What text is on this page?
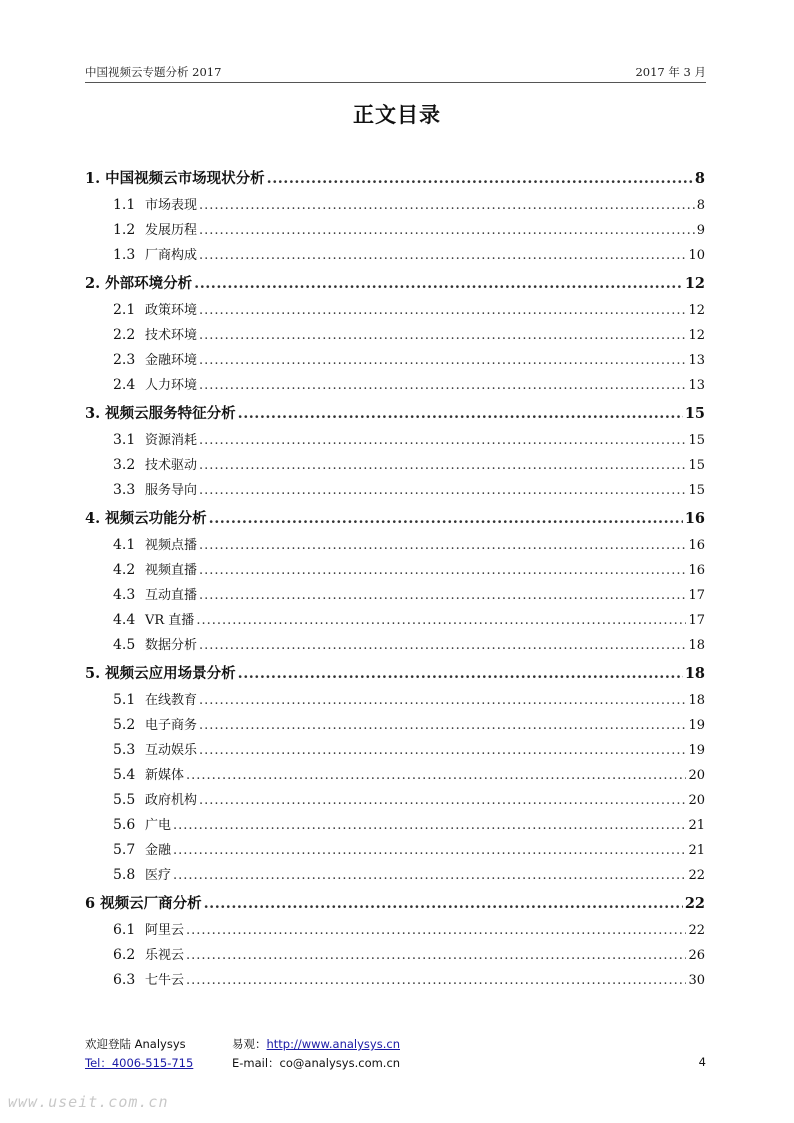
中国视频云专题分析 2017	2017 年 3 月
正文目录
1. 中国视频云市场现状分析 .....	8
1.1 市场表现 .....	8
1.2 发展历程 .....	9
1.3 厂商构成 .....	10
2. 外部环境分析 .....	12
2.1 政策环境 .....	12
2.2 技术环境 .....	12
2.3 金融环境 .....	13
2.4 人力环境 .....	13
3. 视频云服务特征分析 .....	15
3.1 资源消耗 .....	15
3.2 技术驱动 .....	15
3.3 服务导向 .....	15
4. 视频云功能分析 .....	16
4.1 视频点播 .....	16
4.2 视频直播 .....	16
4.3 互动直播 .....	17
4.4 VR 直播 .....	17
4.5 数据分析 .....	18
5. 视频云应用场景分析 .....	18
5.1 在线教育 .....	18
5.2 电子商务 .....	19
5.3 互动娱乐 .....	19
5.4 新媒体 .....	20
5.5 政府机构 .....	20
5.6 广电 .....	21
5.7 金融 .....	21
5.8 医疗 .....	22
6 视频云厂商分析 .....	22
6.1 阿里云 .....	22
6.2 乐视云 .....	26
6.3 七牛云 .....	30
欢迎登陆 Analysys	易观：http://www.analysys.cn
Tel：4006-515-715	E-mail：co@analysys.com.cn	4
www.useit.com.cn
